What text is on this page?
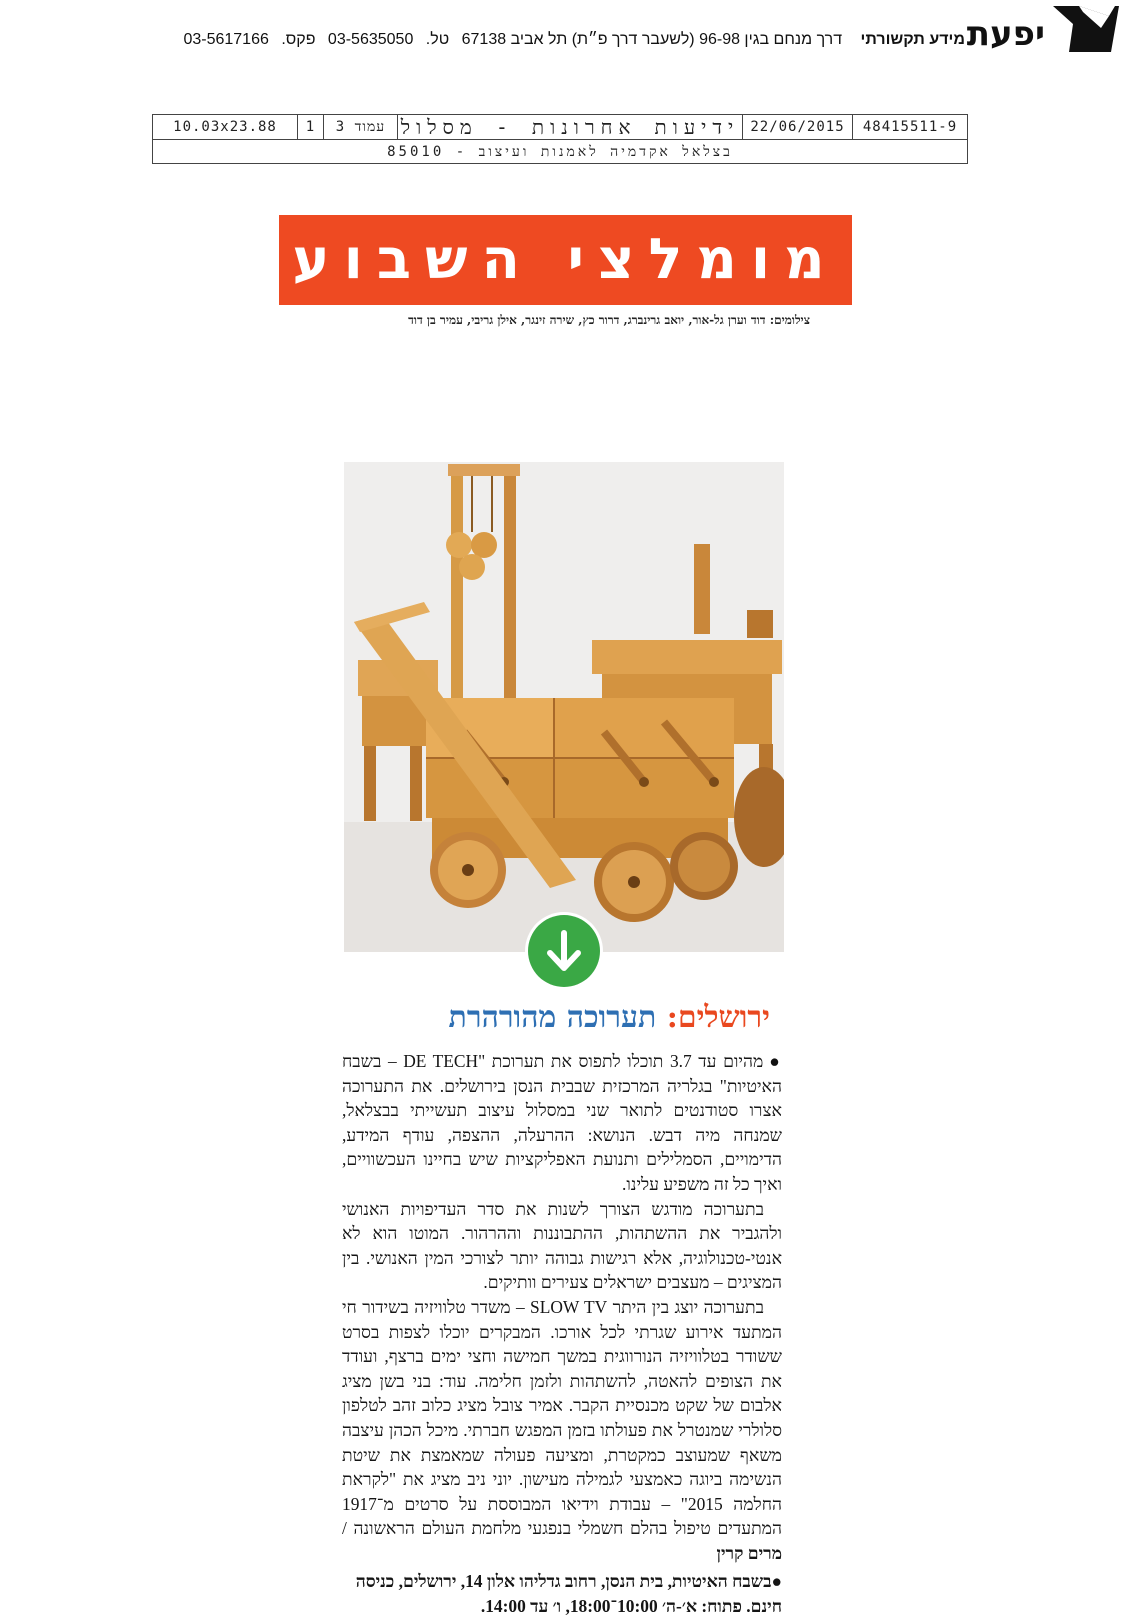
יפעת
מידע תקשורתי דרך מנחם בגין 96-98 (לשעבר דרך פ״ת) תל אביב 67138 טל. 03-5635050 פקס. 03-5617166
48415511-9
22/06/2015
ידיעות אחרונות - מסלול
עמוד 3
1
10.03x23.88
בצלאל אקדמיה לאמנות ועיצוב - 85010
מומלצי השבוע
צילומים: דוד וערן גל-אור, יואב גרינברג, דרור כץ, שירה זינגר, אילן גריבי, עמיר בן דוד
ירושלים: תערוכה מהורהרת

●מהיום עד 3.7 תוכלו לתפוס את תערוכת "DE TECH – בשבח האיטיות" בגלריה המרכזית שבבית הנסן בירושלים. את התערוכה אצרו סטודנטים לתואר שני במסלול עיצוב תעשייתי בבצלאל, שמנחה מיה דבש. הנושא: ההרעלה, ההצפה, עודף המידע, הדימויים, הסמלילים ותנועת האפליקציות שיש בחיינו העכשוויים, ואיך כל זה משפיע עלינו.

בתערוכה מודגש הצורך לשנות את סדר העדיפויות האנושי ולהגביר את ההשתהות, ההתבוננות וההרהור. המוטו הוא לא אנטי-טכנולוגיה, אלא רגישות גבוהה יותר לצורכי המין האנושי. בין המציגים – מעצבים ישראלים צעירים וותיקים.

בתערוכה יוצג בין היתר SLOW TV – משדר טלוויזיה בשידור חי המתעד אירוע שגרתי לכל אורכו. המבקרים יוכלו לצפות בסרט ששודר בטלוויזיה הנורווגית במשך חמישה וחצי ימים ברצף, ועודד את הצופים להאטה, להשתהות ולזמן חלימה. עוד: בני בשן מציג אלבום של שקט מכנסיית הקבר. אמיר צובל מציג כלוב זהב לטלפון סלולרי שמנטרל את פעולתו בזמן המפגש חברתי. מיכל הכהן עיצבה משאף שמעוצב כמקטרת, ומציעה פעולה שמאמצת את שיטת הנשימה ביוגה כאמצעי לגמילה מעישון. יוני ניב מציג את "לקראת החלמה 2015" – עבודת וידיאו המבוססת על סרטים מ־1917 המתעדים טיפול בהלם חשמלי בנפגעי מלחמת העולם הראשונה / מרים קרין

●בשבח האיטיות, בית הנסן, רחוב גדליהו אלון 14, ירושלים, כניסה חינם. פתוח: א׳-ה׳ 10:00־18:00, ו׳ עד 14:00.
